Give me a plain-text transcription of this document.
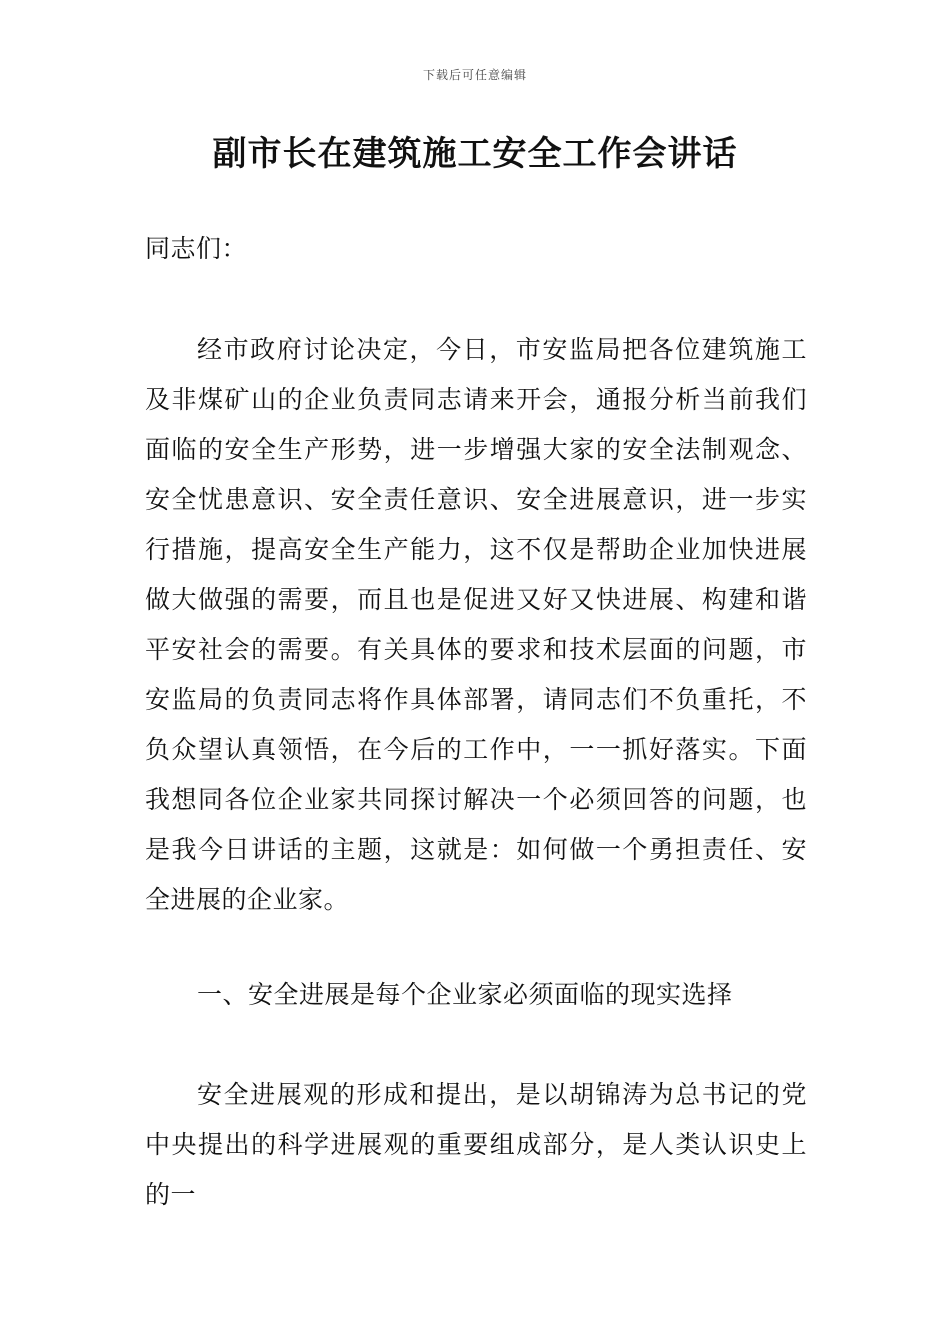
下载后可任意编辑
副市长在建筑施工安全工作会讲话

同志们：

经市政府讨论决定，今日，市安监局把各位建筑施工及非煤矿山的企业负责同志请来开会，通报分析当前我们面临的安全生产形势，进一步增强大家的安全法制观念、安全忧患意识、安全责任意识、安全进展意识，进一步实行措施，提高安全生产能力，这不仅是帮助企业加快进展做大做强的需要，而且也是促进又好又快进展、构建和谐平安社会的需要。有关具体的要求和技术层面的问题，市安监局的负责同志将作具体部署，请同志们不负重托，不负众望认真领悟，在今后的工作中，一一抓好落实。下面我想同各位企业家共同探讨解决一个必须回答的问题，也是我今日讲话的主题，这就是：如何做一个勇担责任、安全进展的企业家。

一、安全进展是每个企业家必须面临的现实选择

安全进展观的形成和提出，是以胡锦涛为总书记的党中央提出的科学进展观的重要组成部分，是人类认识史上的一
